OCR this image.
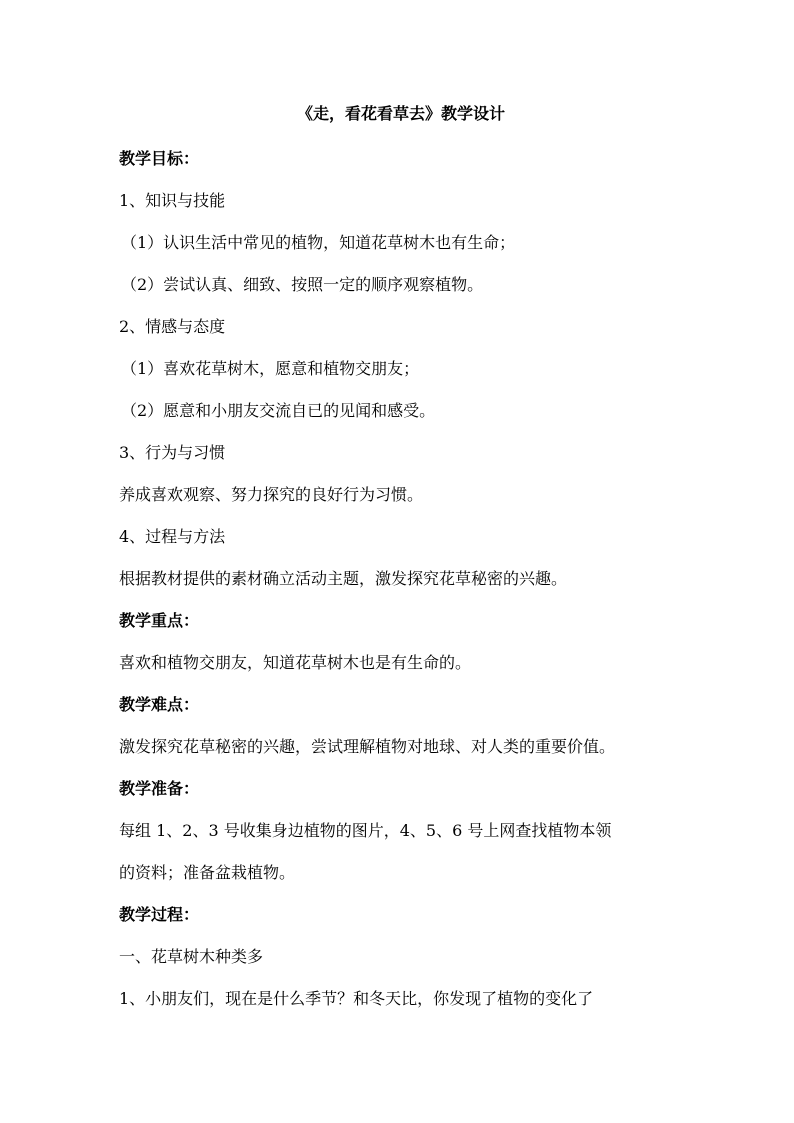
《走，看花看草去》教学设计
教学目标：
1、知识与技能
（1）认识生活中常见的植物，知道花草树木也有生命；
（2）尝试认真、细致、按照一定的顺序观察植物。
2、情感与态度
（1）喜欢花草树木，愿意和植物交朋友；
（2）愿意和小朋友交流自已的见闻和感受。
3、行为与习惯
养成喜欢观察、努力探究的良好行为习惯。
4、过程与方法
根据教材提供的素材确立活动主题，激发探究花草秘密的兴趣。
教学重点：
喜欢和植物交朋友，知道花草树木也是有生命的。
教学难点：
激发探究花草秘密的兴趣，尝试理解植物对地球、对人类的重要价值。
教学准备：
每组 1、2、3 号收集身边植物的图片，4、5、6 号上网查找植物本领
的资料；准备盆栽植物。
教学过程：
一、花草树木种类多
1、小朋友们，现在是什么季节？和冬天比，你发现了植物的变化了
